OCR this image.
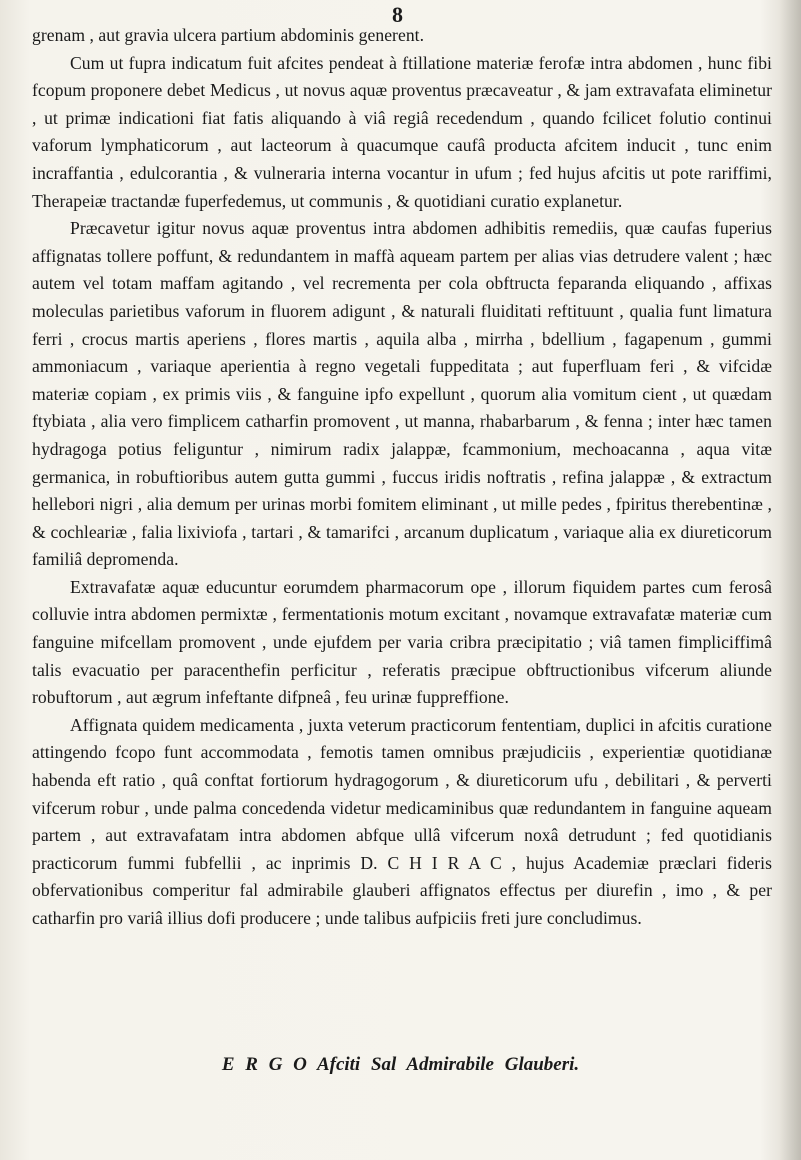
8

grenam , aut gravia ulcera partium abdominis generent.

Cum ut fupra indicatum fuit afcites pendeat à ftillatione materiæ ferofæ intra abdomen , hunc fibi fcopum proponere debet Medicus , ut novus aquæ proventus præcaveatur , & jam extravafata eliminetur , ut primæ indicationi fiat fatis aliquando à viâ regiâ recedendum , quando fcilicet folutio continui vaforum lymphaticorum , aut lacteorum à quacumque caufâ producta afcitem inducit , tunc enim incraffantia , edulcorantia , & vulneraria interna vocantur in ufum ; fed hujus afcitis ut pote rariffimi, Therapeiæ tractandæ fuperfedemus, ut communis , & quotidiani curatio explanetur.

Præcavetur igitur novus aquæ proventus intra abdomen adhibitis remediis, quæ caufas fuperius affignatas tollere poffunt, & redundantem in maffà aqueam partem per alias vias detrudere valent ; hæc autem vel totam maffam agitando , vel recrementa per cola obftructa feparanda eliquando , affixas moleculas parietibus vaforum in fluorem adigunt , & naturali fluiditati reftituunt , qualia funt limatura ferri , crocus martis aperiens , flores martis , aquila alba , mirrha , bdellium , fagapenum , gummi ammoniacum , variaque aperientia à regno vegetali fuppeditata ; aut fuperfluam feri , & vifcidæ materiæ copiam , ex primis viis , & fanguine ipfo expellunt , quorum alia vomitum cient , ut quædam ftybiata , alia vero fimplicem catharfin promovent , ut manna, rhabarbarum , & fenna ; inter hæc tamen hydragoga potius feliguntur , nimirum radix jalappæ, fcammonium, mechoacanna , aqua vitæ germanica, in robuftioribus autem gutta gummi , fuccus iridis noftratis , refina jalappæ , & extractum hellebori nigri , alia demum per urinas morbi fomitem eliminant , ut mille pedes , fpiritus therebentinæ , & cochleariæ , falia lixiviofa , tartari , & tamarifci , arcanum duplicatum , variaque alia ex diureticorum familiâ depromenda.

Extravafatæ aquæ educuntur eorumdem pharmacorum ope , illorum fiquidem partes cum ferosâ colluvie intra abdomen permixtæ , fermentationis motum excitant , novamque extravafatæ materiæ cum fanguine mifcellam promovent , unde ejufdem per varia cribra præcipitatio ; viâ tamen fimpliciffimâ talis evacuatio per paracenthefin perficitur , referatis præcipue obftructionibus vifcerum aliunde robuftorum , aut ægrum infeftante difpneâ , feu urinæ fuppreffione.

Affignata quidem medicamenta , juxta veterum practicorum fententiam, duplici in afcitis curatione attingendo fcopo funt accommodata , femotis tamen omnibus præjudiciis , experientiæ quotidianæ habenda eft ratio , quâ conftat fortiorum hydragogorum , & diureticorum ufu , debilitari , & perverti vifcerum robur , unde palma concedenda videtur medicaminibus quæ redundantem in fanguine aqueam partem , aut extravafatam intra abdomen abfque ullâ vifcerum noxâ detrudunt ; fed quotidianis practicorum fummi fubfellii , ac inprimis D. C H I R A C , hujus Academiæ præclari fideris obfervationibus comperitur fal admirabile glauberi affignatos effectus per diurefin , imo , & per catharfin pro variâ illius dofi producere ; unde talibus aufpiciis freti jure concludimus.

E R G O Afciti Sal Admirabile Glauberi.
